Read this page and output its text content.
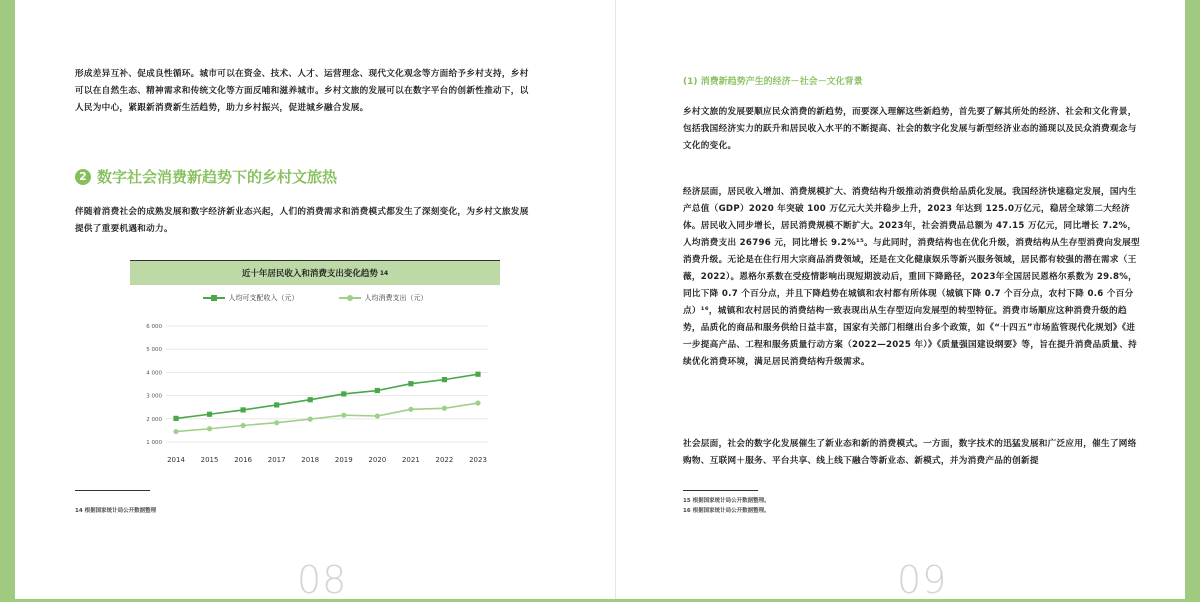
形成差异互补、促成良性循环。城市可以在资金、技术、人才、运营理念、现代文化观念等方面给予乡村支持，乡村可以在自然生态、精神需求和传统文化等方面反哺和滋养城市。乡村文旅的发展可以在数字平台的创新性推动下，以人民为中心，紧跟新消费新生活趋势，助力乡村振兴，促进城乡融合发展。

2 数字社会消费新趋势下的乡村文旅热

伴随着消费社会的成熟发展和数字经济新业态兴起，人们的消费需求和消费模式都发生了深刻变化，为乡村文旅发展提供了重要机遇和动力。

近十年居民收入和消费支出变化趋势 14
人均可支配收入（元）	人均消费支出（元）
6 000
5 000
4 000
3 000
2 000
1 000
2014 2015 2016 2017 2018 2019 2020 2021 2022 2023
14 根据国家统计局公开数据整理
08
(1) 消费新趋势产生的经济－社会－文化背景

乡村文旅的发展要顺应民众消费的新趋势，而要深入理解这些新趋势，首先要了解其所处的经济、社会和文化背景，包括我国经济实力的跃升和居民收入水平的不断提高、社会的数字化发展与新型经济业态的涌现以及民众消费观念与文化的变化。

经济层面，居民收入增加、消费规模扩大、消费结构升级推动消费供给品质化发展。我国经济快速稳定发展，国内生产总值（GDP）2020 年突破 100 万亿元大关并稳步上升，2023 年达到 125.0万亿元，稳居全球第二大经济体。居民收入同步增长，居民消费规模不断扩大。2023年，社会消费品总额为 47.15 万亿元，同比增长 7.2%，人均消费支出 26796 元，同比增长 9.2%¹⁵。与此同时，消费结构也在优化升级，消费结构从生存型消费向发展型消费升级。无论是在住行用大宗商品消费领域，还是在文化健康娱乐等新兴服务领域，居民都有较强的潜在需求（王薇，2022）。恩格尔系数在受疫情影响出现短期波动后，重回下降路径，2023年全国居民恩格尔系数为 29.8%，同比下降 0.7 个百分点，并且下降趋势在城镇和农村都有所体现（城镇下降 0.7 个百分点，农村下降 0.6 个百分点）¹⁶，城镇和农村居民的消费结构一致表现出从生存型迈向发展型的转型特征。消费市场顺应这种消费升级的趋势，品质化的商品和服务供给日益丰富，国家有关部门相继出台多个政策，如《“十四五”市场监管现代化规划》《进一步提高产品、工程和服务质量行动方案（2022—2025 年）》《质量强国建设纲要》等，旨在提升消费品质量、持续优化消费环境，满足居民消费结构升级需求。

社会层面，社会的数字化发展催生了新业态和新的消费模式。一方面，数字技术的迅猛发展和广泛应用，催生了网络购物、互联网＋服务、平台共享、线上线下融合等新业态、新模式，并为消费产品的创新提

15 根据国家统计局公开数据整理。
16 根据国家统计局公开数据整理。
09
